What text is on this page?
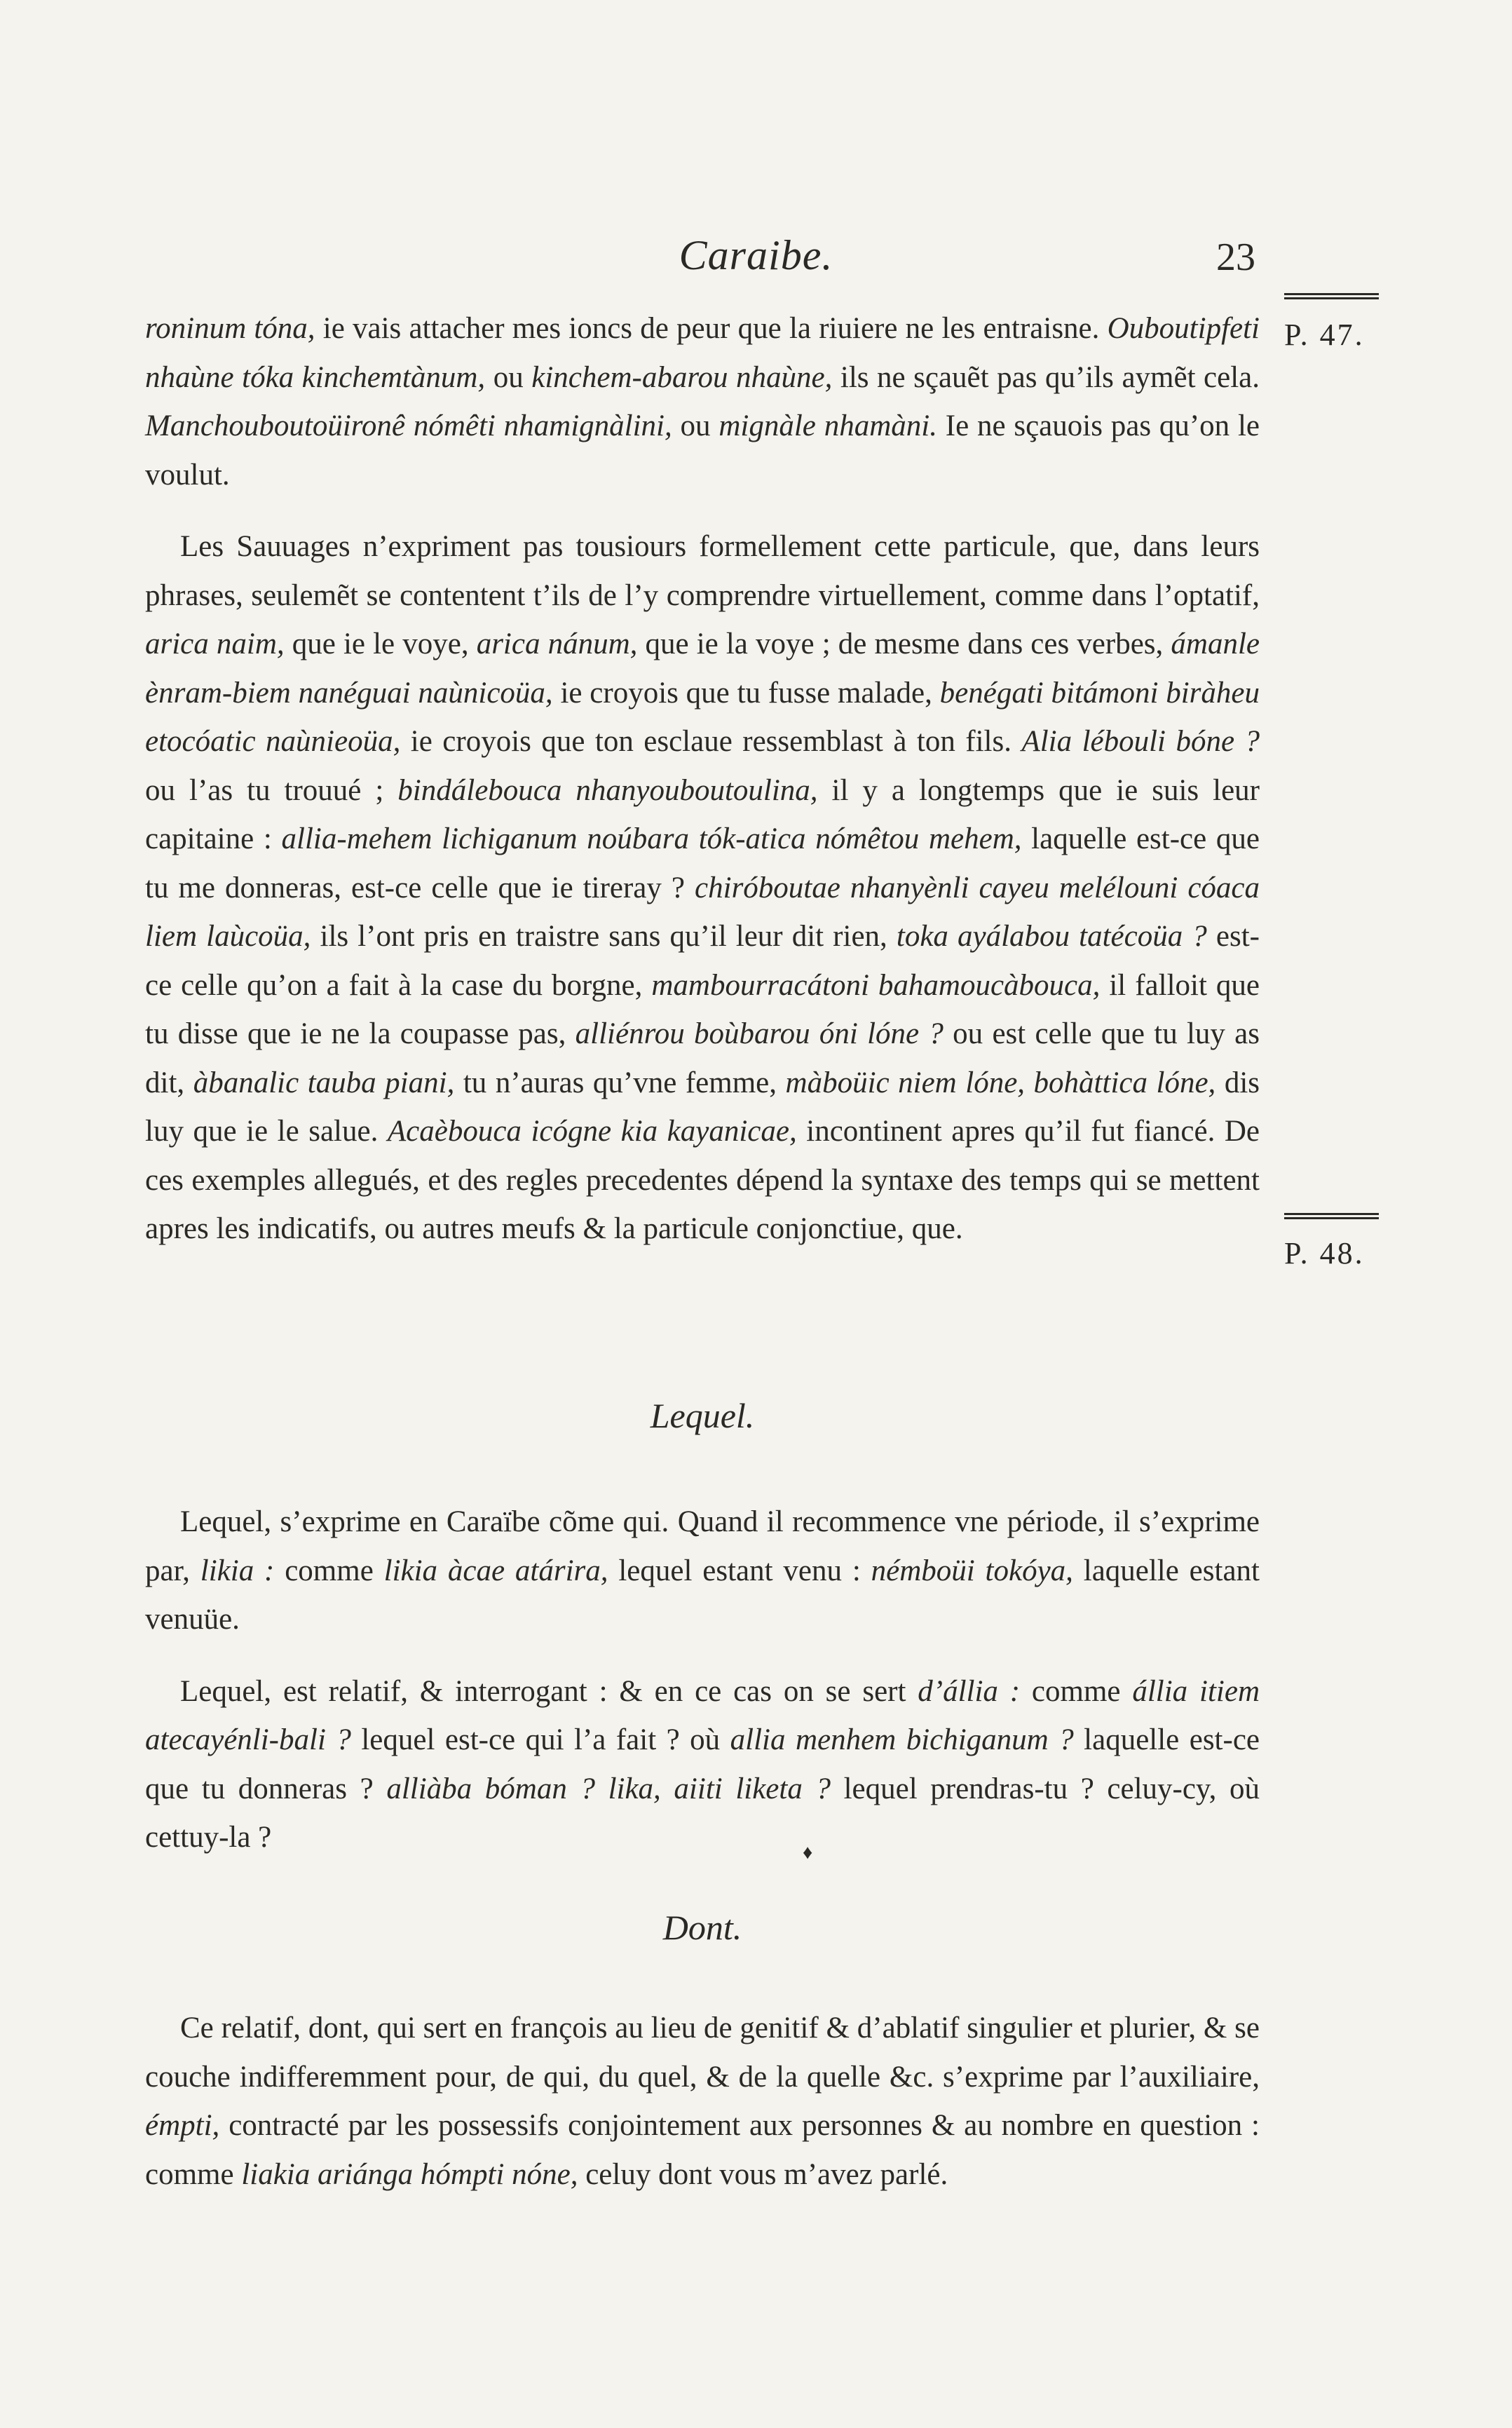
Caraibe.	23
P. 47.
P. 48.

roninum tóna, ie vais attacher mes ioncs de peur que la riuiere ne les entraisne. Ouboutipfeti nhaùne tóka kinchemtànum, ou kinchem-abarou nhaùne, ils ne sçauẽt pas qu’ils aymẽt cela. Manchouboutoüironê nómêti nhamignàlini, ou mignàle nhamàni. Ie ne sçauois pas qu’on le voulut.

Les Sauuages n’expriment pas tousiours formellement cette particule, que, dans leurs phrases, seulemẽt se contentent t’ils de l’y comprendre virtuellement, comme dans l’optatif, arica naim, que ie le voye, arica nánum, que ie la voye ; de mesme dans ces verbes, ámanle ènram-biem nanéguai naùnicoüa, ie croyois que tu fusse malade, benégati bitámoni biràheu etocóatic naùnieoüa, ie croyois que ton esclaue ressemblast à ton fils. Alia lébouli bóne ? ou l’as tu trouué ; bindálebouca nhanyouboutoulina, il y a longtemps que ie suis leur capitaine : allia-mehem lichiganum noúbara tók-atica nómêtou mehem, laquelle est-ce que tu me donneras, est-ce celle que ie tireray ? chiróboutae nhanyènli cayeu melélouni cóaca liem laùcoüa, ils l’ont pris en traistre sans qu’il leur dit rien, toka ayálabou tatécoüa ? est-ce celle qu’on a fait à la case du borgne, mambourracátoni bahamoucàbouca, il falloit que tu disse que ie ne la coupasse pas, alliénrou boùbarou óni lóne ? ou est celle que tu luy as dit, àbanalic tauba piani, tu n’auras qu’vne femme, màboüic niem lóne, bohàttica lóne, dis luy que ie le salue. Acaèbouca icógne kia kayanicae, incontinent apres qu’il fut fiancé. De ces exemples allegués, et des regles precedentes dépend la syntaxe des temps qui se mettent apres les indicatifs, ou autres meufs & la particule conjonctiue, que.

Lequel.

Lequel, s’exprime en Caraïbe cõme qui. Quand il recommence vne période, il s’exprime par, likia : comme likia àcae atárira, lequel estant venu : némboüi tokóya, laquelle estant venuüe.

Lequel, est relatif, & interrogant : & en ce cas on se sert d’állia : comme állia itiem atecayénli-bali ? lequel est-ce qui l’a fait ? où allia menhem bichiganum ? laquelle est-ce que tu donneras ? alliàba bóman ? lika, aiiti liketa ? lequel prendras-tu ? celuy-cy, où cettuy-la ?	♦
Dont.

Ce relatif, dont, qui sert en françois au lieu de genitif & d’ablatif singulier et plurier, & se couche indifferemment pour, de qui, du quel, & de la quelle &c. s’exprime par l’auxiliaire, émpti, contracté par les possessifs conjointement aux personnes & au nombre en question : comme liakia ariánga hómpti nóne, celuy dont vous m’avez parlé.
